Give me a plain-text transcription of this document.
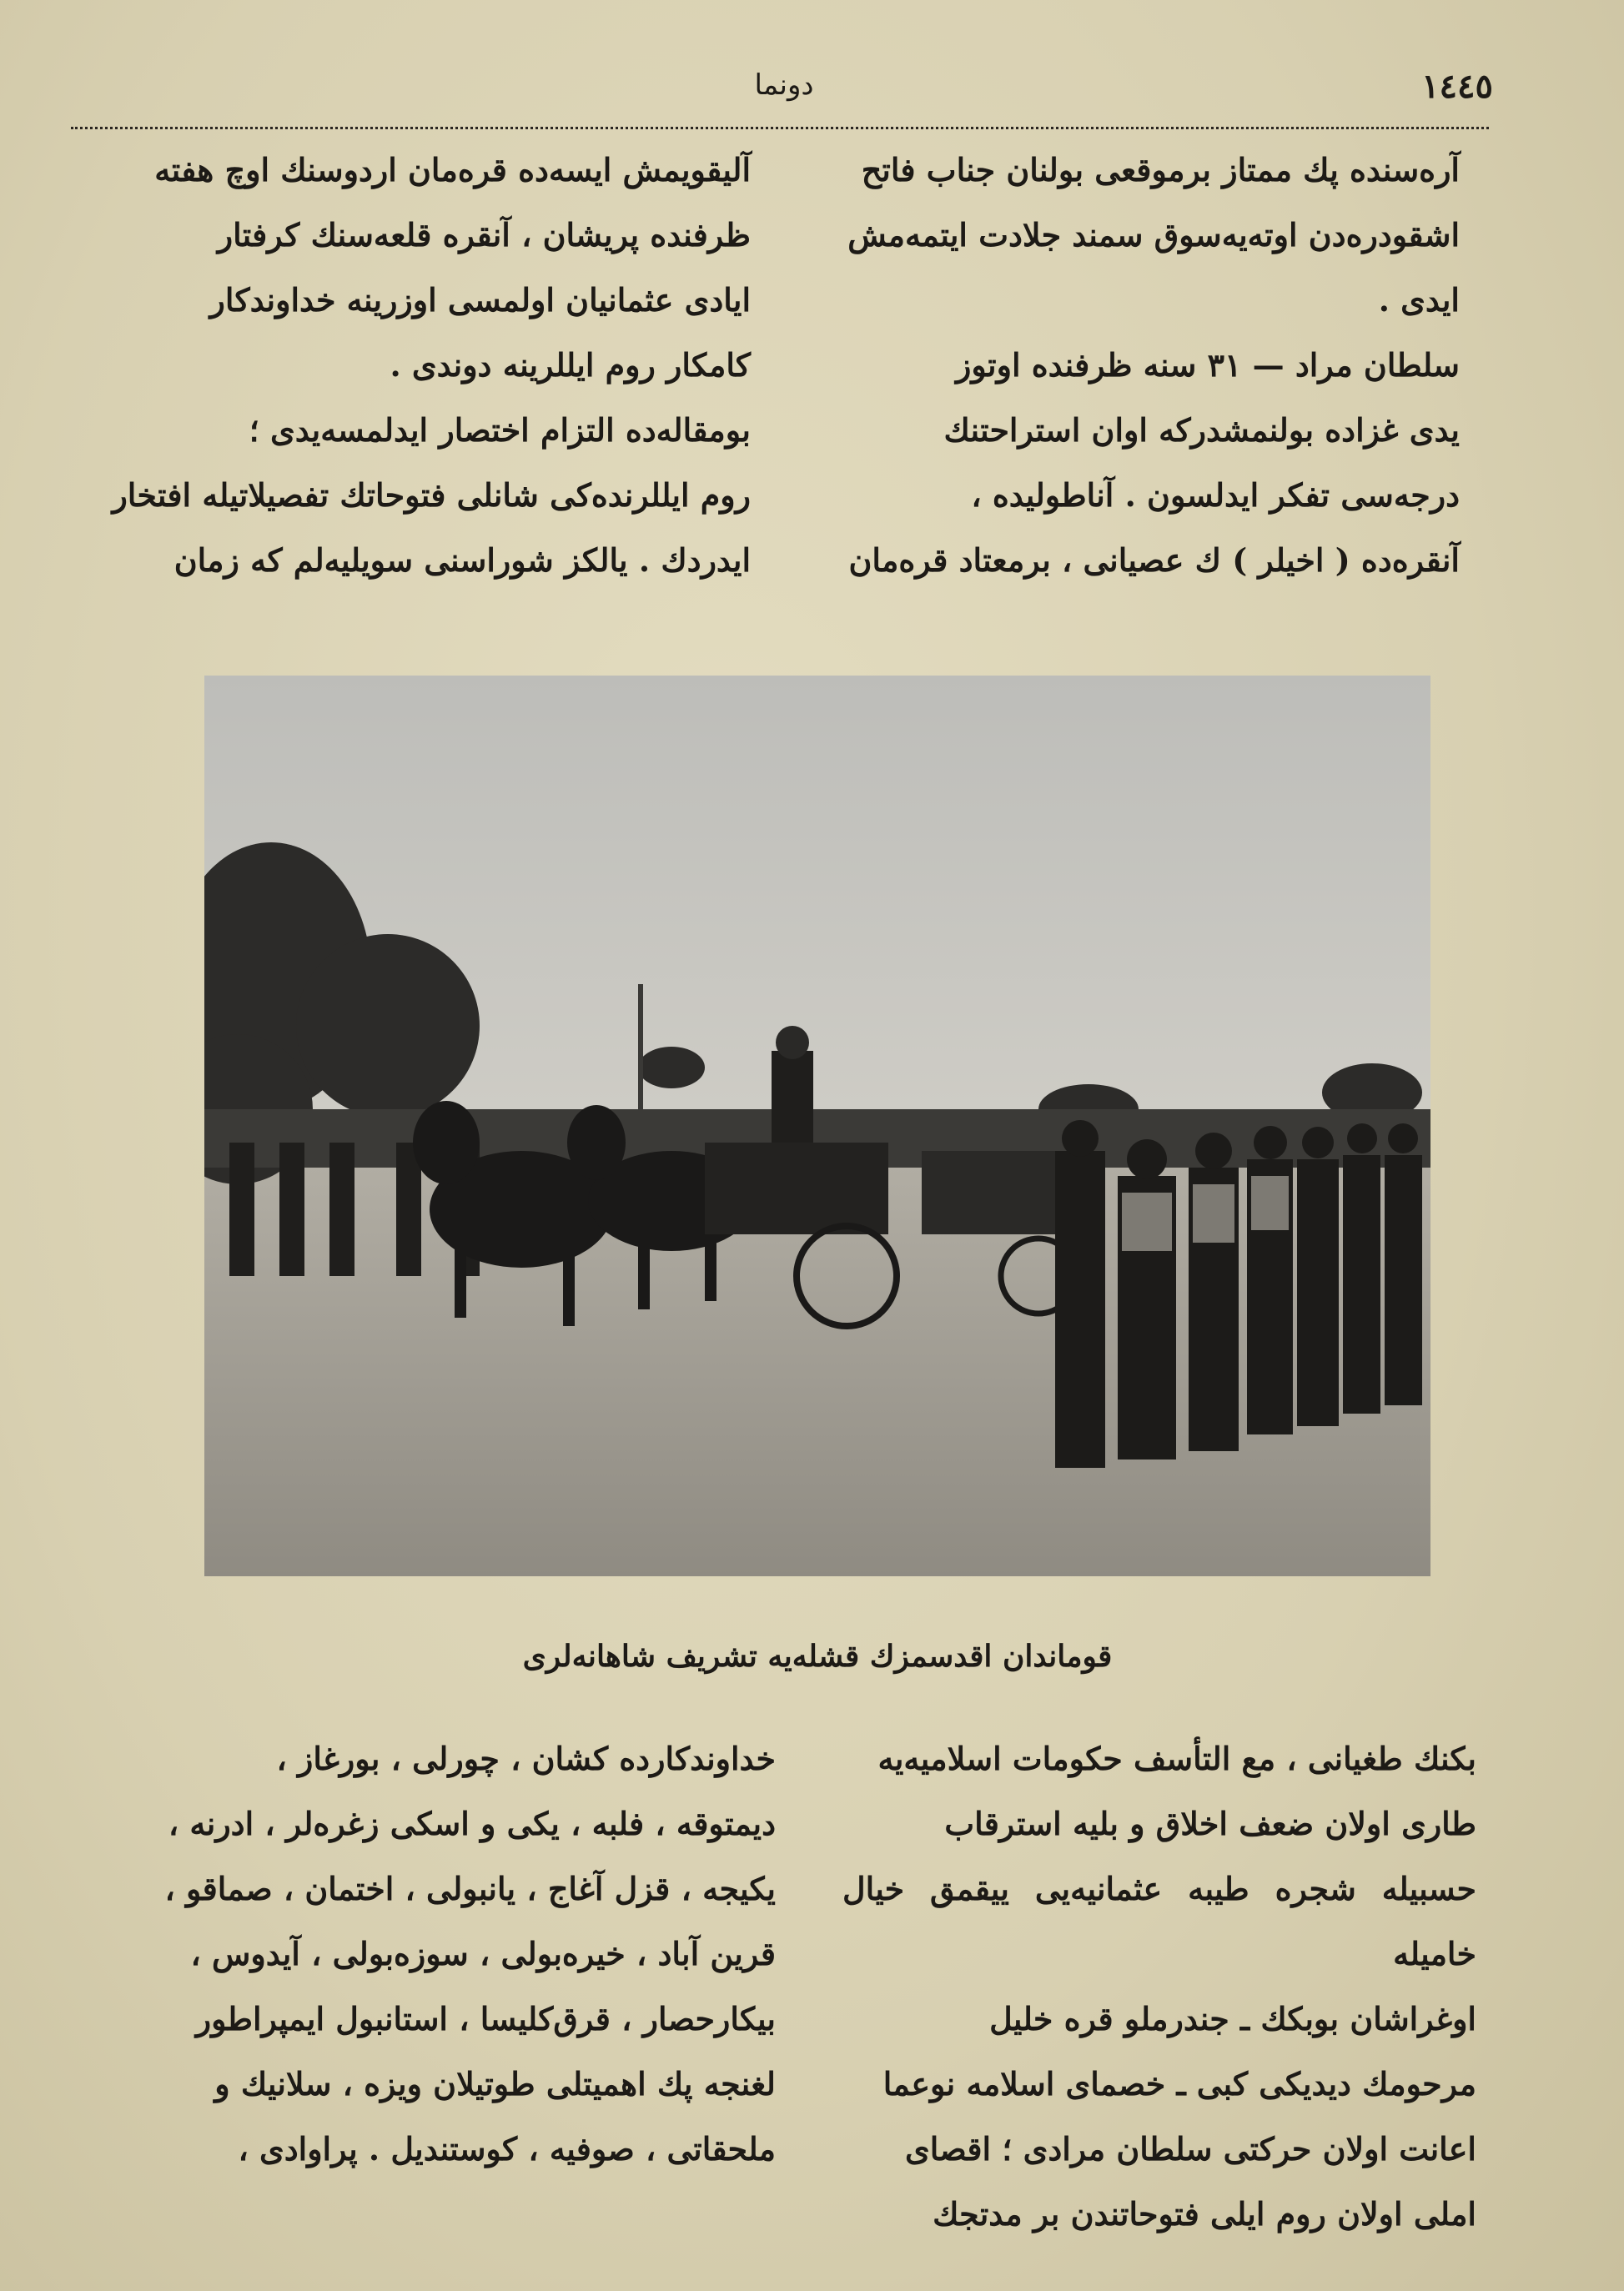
دونما	١٤٤٥

آره‌سنده پك ممتاز برموقعی بولنان جناب فاتح

اشقودره‌دن اوته‌یه‌سوق سمند جلادت ایتمه‌مش‌

ایدی .

سلطان مراد — ٣١ سنه ظرفنده اوتوز

یدی غزاده بولنمشدركه اوان استراحتنك

درجه‌سی تفكر ایدلسون . آناطولیده ،

آنقره‌ده ( اخیلر ) ك عصیانی ، برمعتاد قره‌مان

آلیقویمش ایسه‌ده قره‌مان اردوسنك اوچ هفته

ظرفنده پریشان ، آنقره قلعه‌سنك كرفتار

ایادی عثمانیان اولمسی اوزرینه خداوندكار

كامكار روم ایللرینه دوندی .

بومقاله‌ده التزام اختصار ایدلمسه‌یدی ؛

روم ایللرنده‌كی شانلی فتوحاتك تفصیلاتیله افتخار

ایدردك . یالكز شوراسنی سویلیه‌لم كه زمان

قوماندان اقدسمزك قشله‌یه تشریف شاهانه‌لری

بكنك طغیانی ، مع التأسف حكومات اسلامیه‌یه

طاری اولان ضعف اخلاق و بلیه استرقاب

حسبیله شجره طیبه عثمانیه‌یی ییقمق خیال خامیله

اوغراشان بوبكك ـ جندرملو قره خلیل

مرحومك دیدیكی كبی ـ خصمای اسلامه نوعما

اعانت اولان حركتی سلطان مرادی ؛ اقصای

املی اولان روم ایلی فتوحاتندن بر مدتجك

خداوندكارده كشان ، چورلی ، بورغاز ،

دیمتوقه ، فلبه ، یكی و اسكی زغره‌لر ، ادرنه ،

یكیجه ، قزل آغاج ، یانبولی ، اختمان ، صماقو ،

قرین آباد ، خیره‌بولی ، سوزه‌بولی ، آیدوس ،

بیكارحصار ، قرق‌كلیسا ، استانبول ایمپراطور

لغنجه پك اهمیتلی طوتیلان ویزه ، سلانیك و

ملحقاتی ، صوفیه ، كوستندیل . پراوادی ،
